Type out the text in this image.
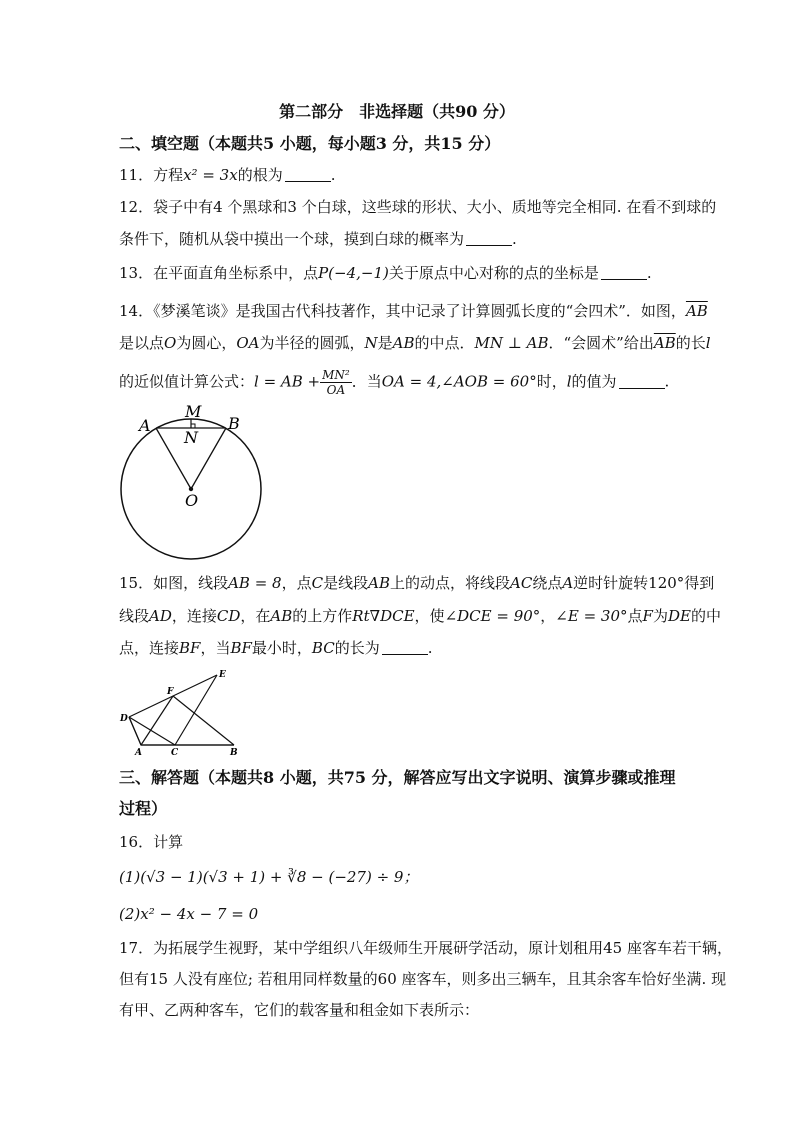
第二部分　非选择题（共90 分）
二、填空题（本题共5 小题，每小题3 分，共15 分）
11．方程x² = 3x的根为	.
12．袋子中有4 个黑球和3 个白球，这些球的形状、大小、质地等完全相同. 在看不到球的
条件下，随机从袋中摸出一个球，摸到白球的概率为	.
13．在平面直角坐标系中，点P(−4,−1)关于原点中心对称的点的坐标是	.
14．《梦溪笔谈》是我国古代科技著作，其中记录了计算圆弧长度的“会四术”．如图，$\overline{AB}$
是以点O为圆心，OA为半径的圆弧，N是AB的中点．MN ⊥ AB．“会圆术”给出$\overline{AB}$的长l
的近似值计算公式：l = AB + $\frac{\text{MN²}}{OA}$ ．当OA = 4,∠AOB = 60°时，l的值为	.
A	B
M
N
O
15．如图，线段AB = 8，点C是线段AB上的动点，将线段AC绕点A逆时针旋转120°得到
线段AD，连接CD，在AB的上方作Rt∇DCE，使∠DCE = 90°，∠E = 30°点F为DE的中
点，连接BF，当BF最小时，BC的长为	.
D
A	C	B
F
E
三、解答题（本题共8 小题，共75 分，解答应写出文字说明、演算步骤或推理
过程）
16．计算
(1)(√3 − 1)(√3 + 1) + ∛8 − (−27) ÷ 9；
(2)x² − 4x − 7 = 0
17．为拓展学生视野，某中学组织八年级师生开展研学活动，原计划租用45 座客车若干辆，
但有15 人没有座位; 若租用同样数量的60 座客车，则多出三辆车，且其余客车恰好坐满. 现
有甲、乙两种客车，它们的载客量和租金如下表所示：
